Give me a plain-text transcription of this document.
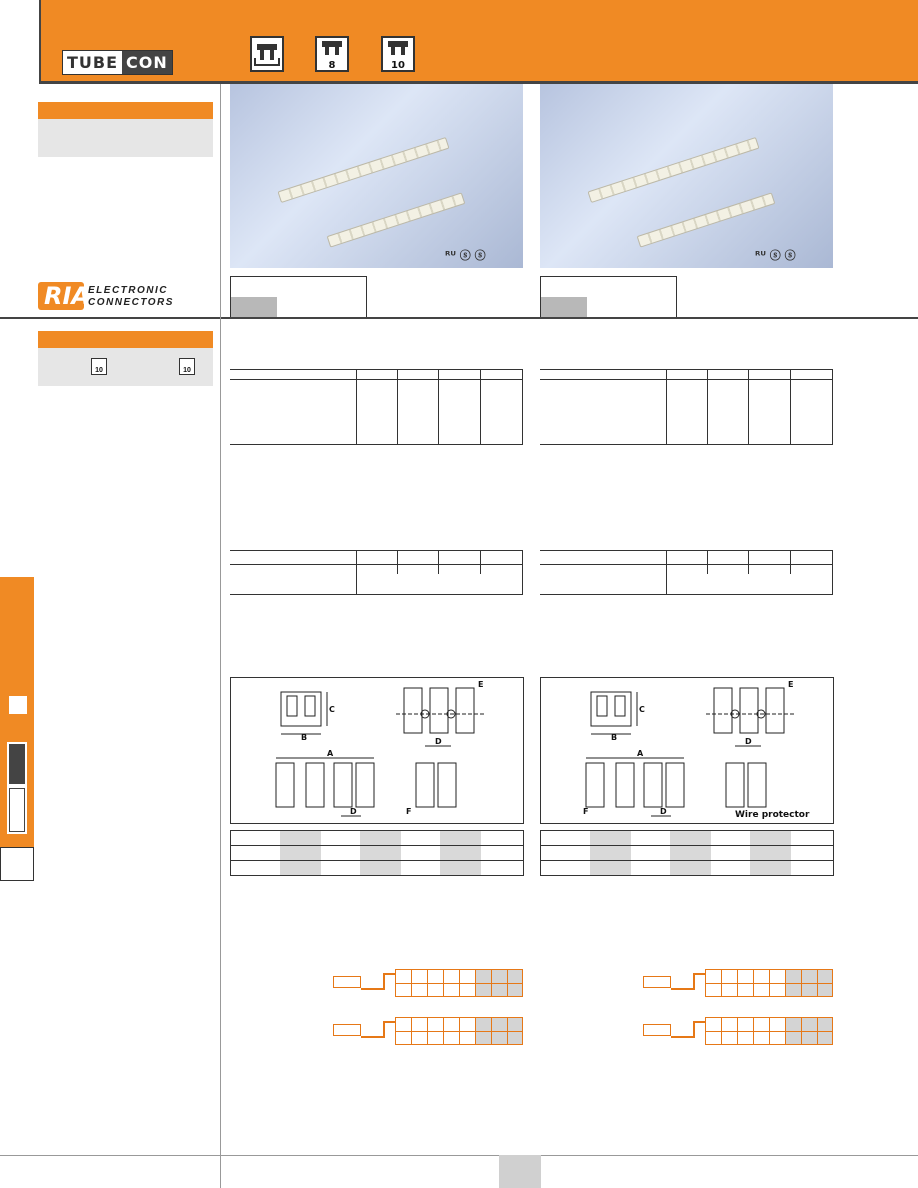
TUBE CON	8	10
RIA
ELECTRONIC
CONNECTORS
ᴿᵁ ⓢ ⓢ	ᴿᵁ ⓢ ⓢ
10	10
C
B
E
D
A
D	F
C
B
E
D
A
D
F	Wire protector
